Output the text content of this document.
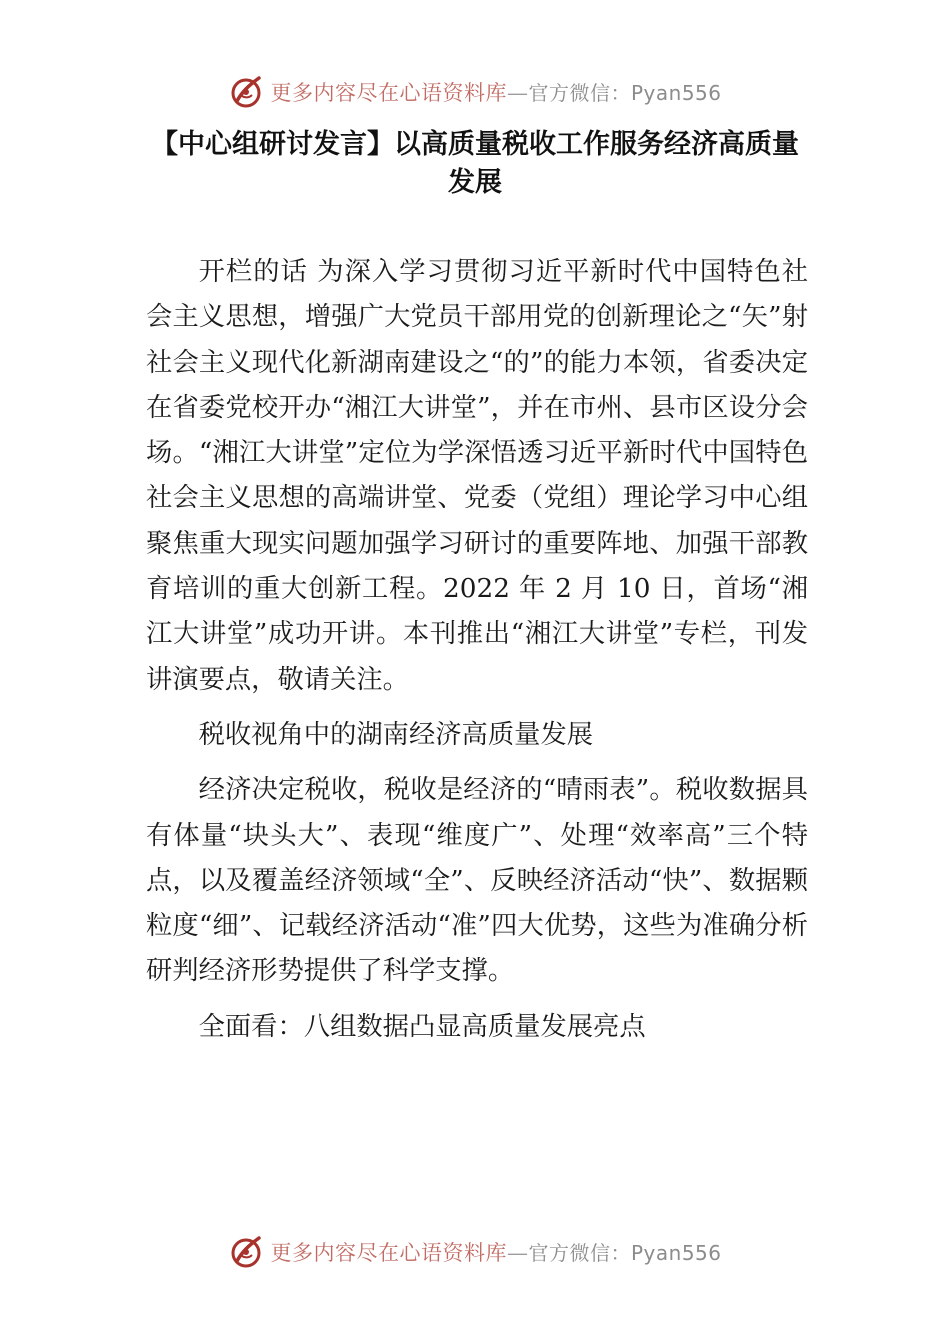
更多内容尽在心语资料库—官方微信：Pyan556
【中心组研讨发言】以高质量税收工作服务经济高质量发展

开栏的话 为深入学习贯彻习近平新时代中国特色社会主义思想，增强广大党员干部用党的创新理论之“矢”射社会主义现代化新湖南建设之“的”的能力本领，省委决定在省委党校开办“湘江大讲堂”，并在市州、县市区设分会场。“湘江大讲堂”定位为学深悟透习近平新时代中国特色社会主义思想的高端讲堂、党委（党组）理论学习中心组聚焦重大现实问题加强学习研讨的重要阵地、加强干部教育培训的重大创新工程。2022 年 2 月 10 日，首场“湘江大讲堂”成功开讲。本刊推出“湘江大讲堂”专栏，刊发讲演要点，敬请关注。

税收视角中的湖南经济高质量发展

经济决定税收，税收是经济的“晴雨表”。税收数据具有体量“块头大”、表现“维度广”、处理“效率高”三个特点，以及覆盖经济领域“全”、反映经济活动“快”、数据颗粒度“细”、记载经济活动“准”四大优势，这些为准确分析研判经济形势提供了科学支撑。

全面看：八组数据凸显高质量发展亮点

更多内容尽在心语资料库—官方微信：Pyan556
